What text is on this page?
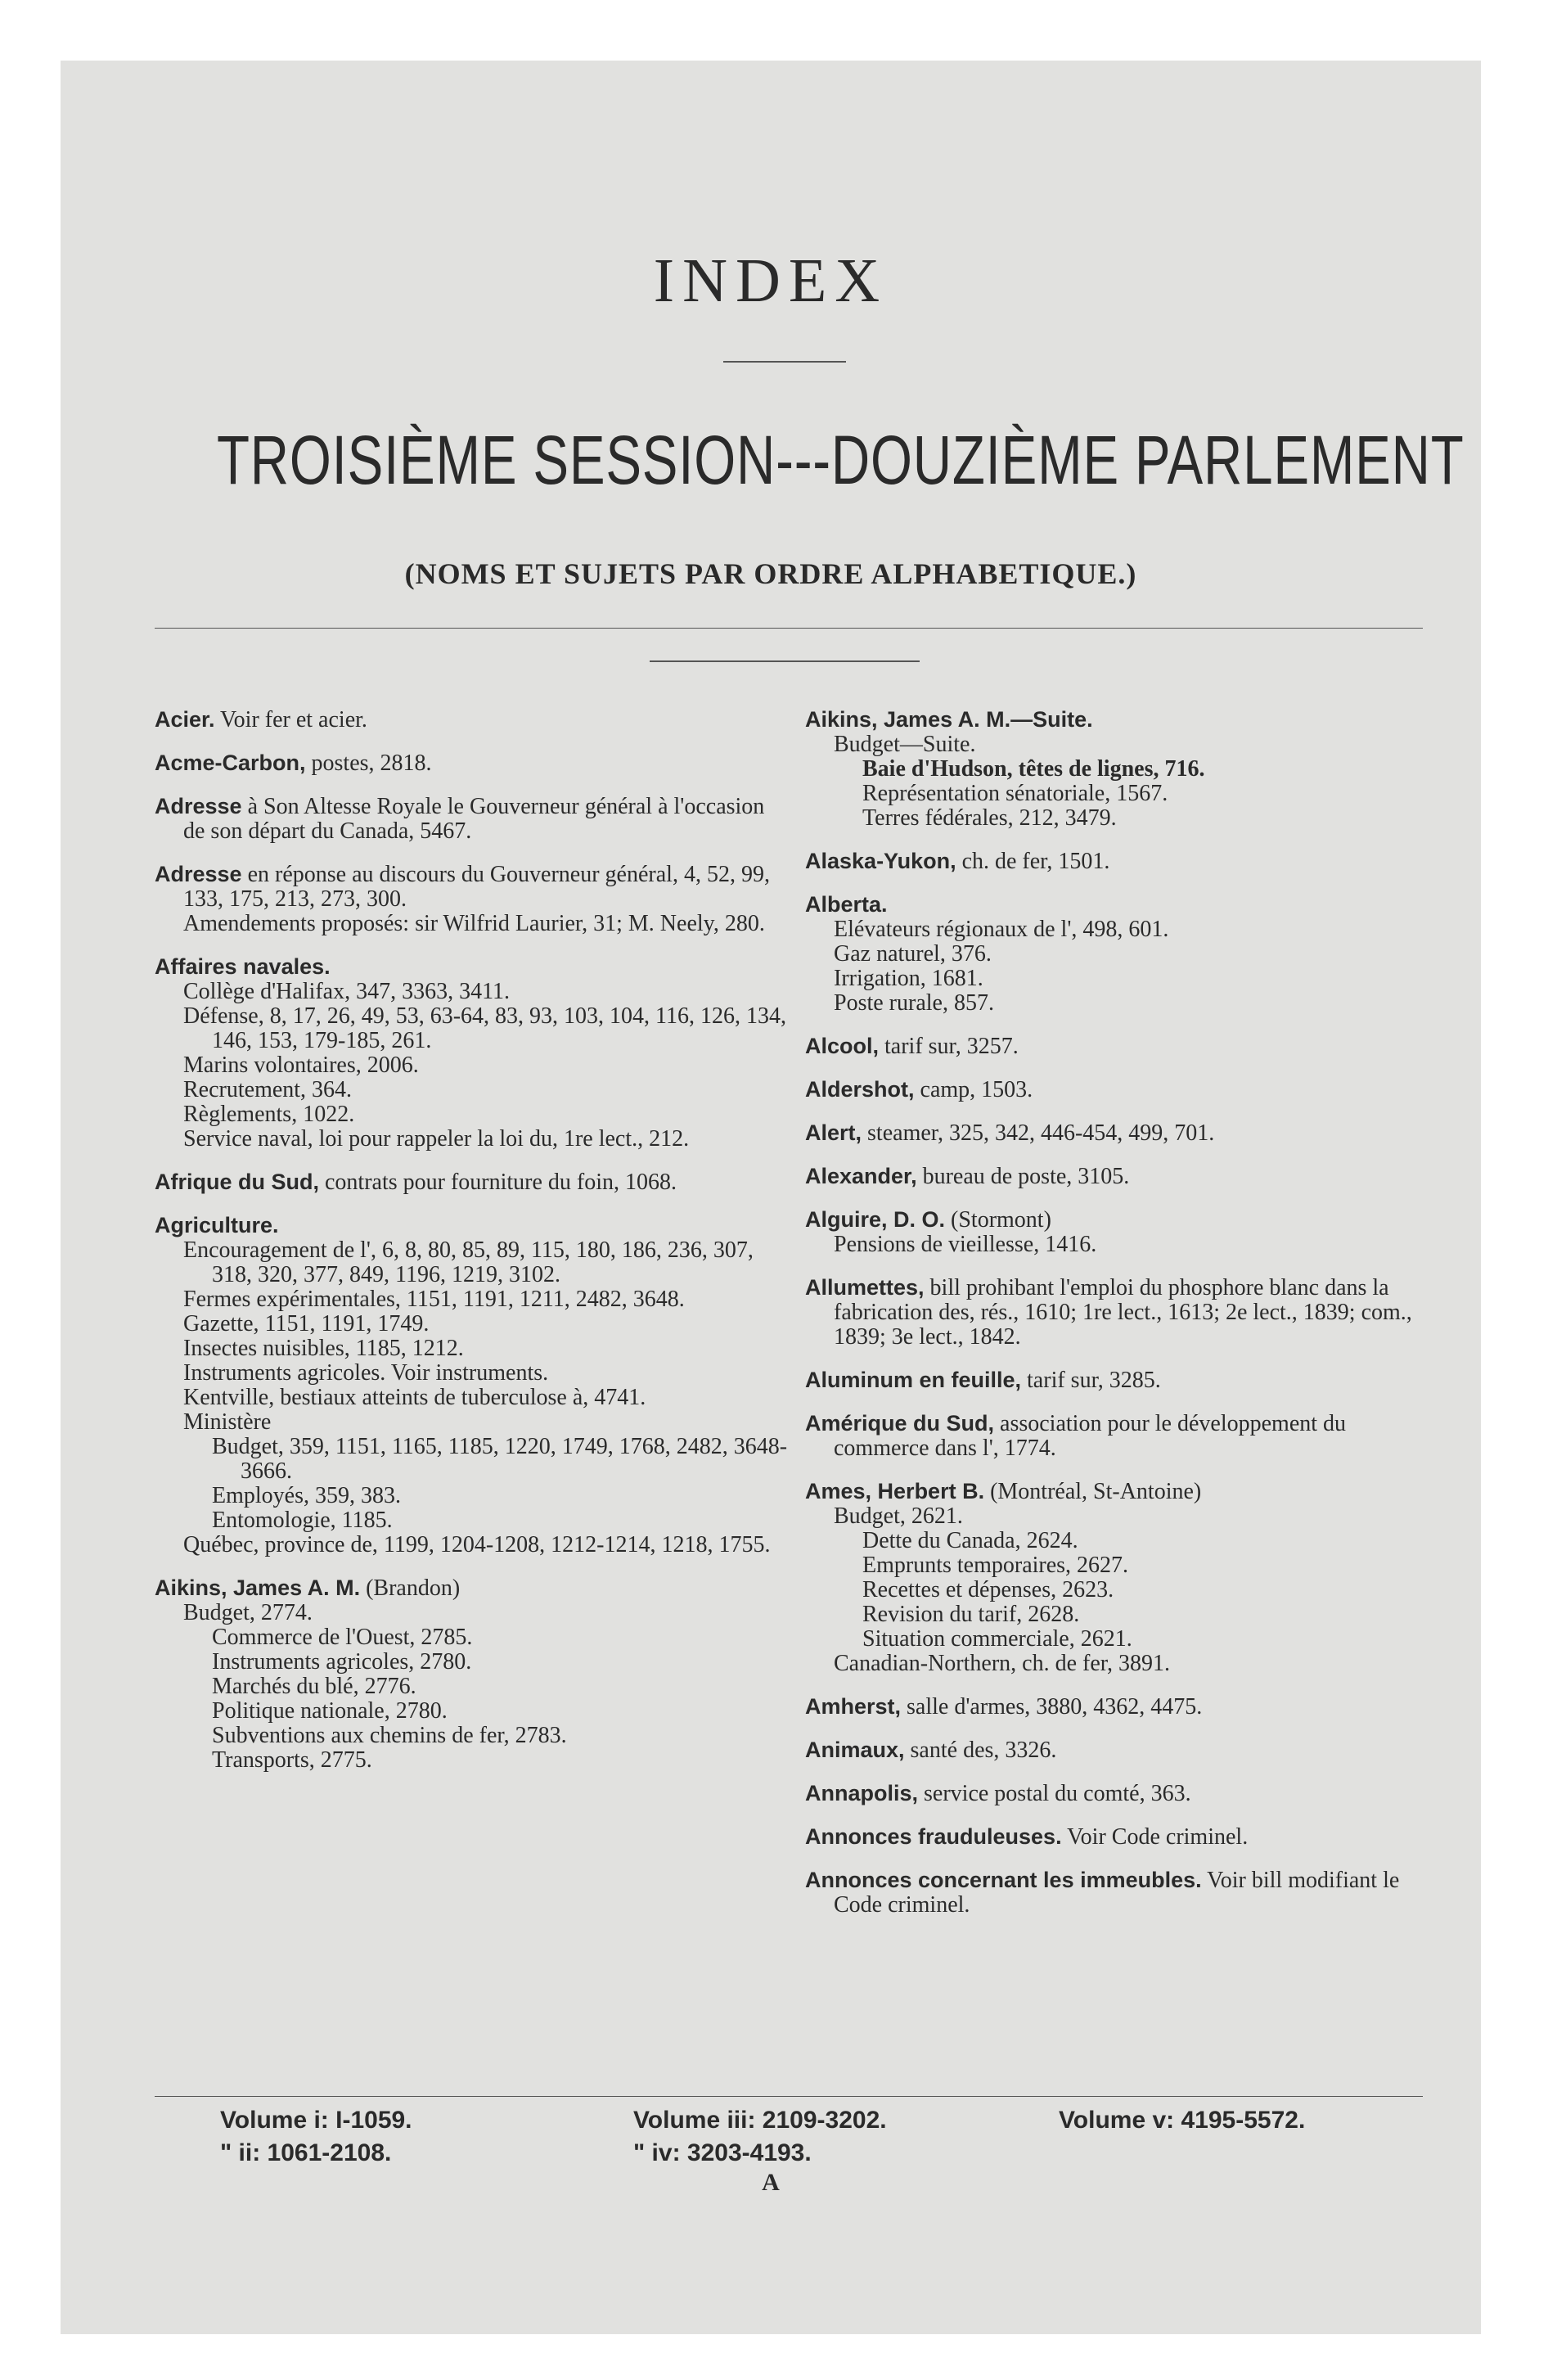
INDEX
TROISIÈME SESSION---DOUZIÈME PARLEMENT
(NOMS ET SUJETS PAR ORDRE ALPHABETIQUE.)
Acier. Voir fer et acier.
Acme-Carbon, postes, 2818.
Adresse à Son Altesse Royale le Gouverneur général à l'occasion de son départ du Canada, 5467.
Adresse en réponse au discours du Gouverneur général, 4, 52, 99, 133, 175, 213, 273, 300.
Amendements proposés: sir Wilfrid Laurier, 31; M. Neely, 280.
Affaires navales.
Collège d'Halifax, 347, 3363, 3411.
Défense, 8, 17, 26, 49, 53, 63-64, 83, 93, 103, 104, 116, 126, 134, 146, 153, 179-185, 261.
Marins volontaires, 2006.
Recrutement, 364.
Règlements, 1022.
Service naval, loi pour rappeler la loi du, 1re lect., 212.
Afrique du Sud, contrats pour fourniture du foin, 1068.
Agriculture.
Encouragement de l', 6, 8, 80, 85, 89, 115, 180, 186, 236, 307, 318, 320, 377, 849, 1196, 1219, 3102.
Fermes expérimentales, 1151, 1191, 1211, 2482, 3648.
Gazette, 1151, 1191, 1749.
Insectes nuisibles, 1185, 1212.
Instruments agricoles. Voir instruments.
Kentville, bestiaux atteints de tuberculose à, 4741.
Ministère
Budget, 359, 1151, 1165, 1185, 1220, 1749, 1768, 2482, 3648-3666.
Employés, 359, 383.
Entomologie, 1185.
Québec, province de, 1199, 1204-1208, 1212-1214, 1218, 1755.
Aikins, James A. M. (Brandon)
Budget, 2774.
Commerce de l'Ouest, 2785.
Instruments agricoles, 2780.
Marchés du blé, 2776.
Politique nationale, 2780.
Subventions aux chemins de fer, 2783.
Transports, 2775.
Aikins, James A. M.—Suite.
Budget—Suite.
Baie d'Hudson, têtes de lignes, 716.
Représentation sénatoriale, 1567.
Terres fédérales, 212, 3479.
Alaska-Yukon, ch. de fer, 1501.
Alberta.
Elévateurs régionaux de l', 498, 601.
Gaz naturel, 376.
Irrigation, 1681.
Poste rurale, 857.
Alcool, tarif sur, 3257.
Aldershot, camp, 1503.
Alert, steamer, 325, 342, 446-454, 499, 701.
Alexander, bureau de poste, 3105.
Alguire, D. O. (Stormont)
Pensions de vieillesse, 1416.
Allumettes, bill prohibant l'emploi du phosphore blanc dans la fabrication des, rés., 1610; 1re lect., 1613; 2e lect., 1839; com., 1839; 3e lect., 1842.
Aluminum en feuille, tarif sur, 3285.
Amérique du Sud, association pour le développement du commerce dans l', 1774.
Ames, Herbert B. (Montréal, St-Antoine)
Budget, 2621.
Dette du Canada, 2624.
Emprunts temporaires, 2627.
Recettes et dépenses, 2623.
Revision du tarif, 2628.
Situation commerciale, 2621.
Canadian-Northern, ch. de fer, 3891.
Amherst, salle d'armes, 3880, 4362, 4475.
Animaux, santé des, 3326.
Annapolis, service postal du comté, 363.
Annonces frauduleuses. Voir Code criminel.
Annonces concernant les immeubles. Voir bill modifiant le Code criminel.
Volume i: I-1059.
" ii: 1061-2108.
Volume iii: 2109-3202.
" iv: 3203-4193.
Volume v: 4195-5572.
A
